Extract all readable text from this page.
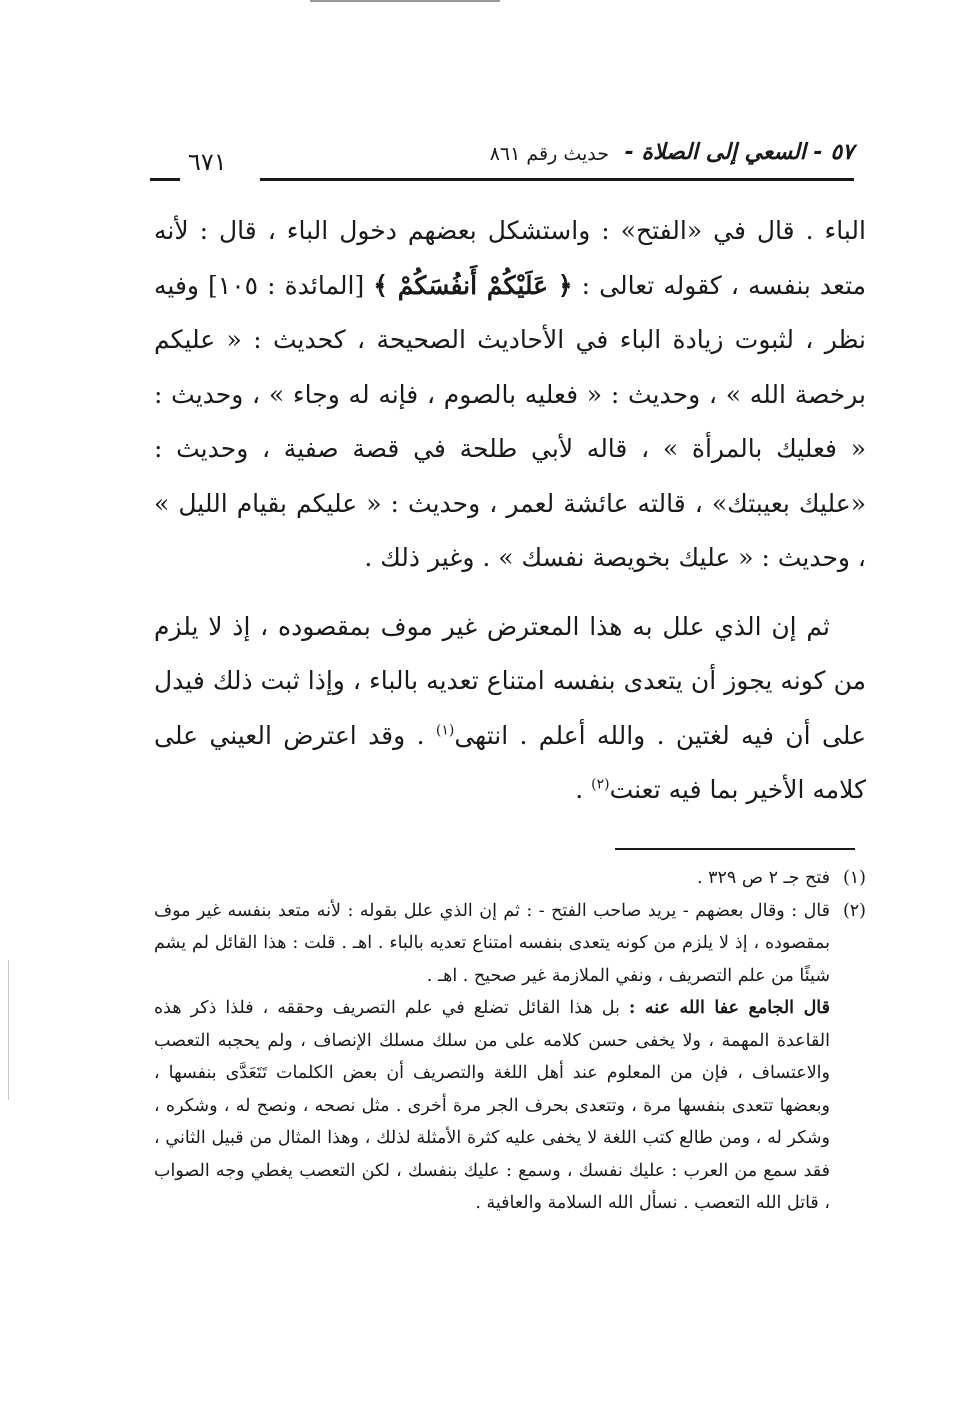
٥٧ - السعي إلى الصلاة -
حديث رقم ٨٦١
٦٧١

الباء . قال في «الفتح» : واستشكل بعضهم دخول الباء ، قال : لأنه متعد بنفسه ، كقوله تعالى : ﴿ عَلَيْكُمْ أَنفُسَكُمْ ﴾ [المائدة : ١٠٥] وفيه نظر ، لثبوت زيادة الباء في الأحاديث الصحيحة ، كحديث : « عليكم برخصة الله » ، وحديث : « فعليه بالصوم ، فإنه له وجاء » ، وحديث : « فعليك بالمرأة » ، قاله لأبي طلحة في قصة صفية ، وحديث : «عليك بعيبتك» ، قالته عائشة لعمر ، وحديث : « عليكم بقيام الليل » ، وحديث : « عليك بخويصة نفسك » . وغير ذلك .

ثم إن الذي علل به هذا المعترض غير موف بمقصوده ، إذ لا يلزم من كونه يجوز أن يتعدى بنفسه امتناع تعديه بالباء ، وإذا ثبت ذلك فيدل على أن فيه لغتين . والله أعلم . انتهى$^{(١)}$ . وقد اعترض العيني على كلامه الأخير بما فيه تعنت$^{(٢)}$ .

(١)
فتح جـ ٢ ص ٣٢٩ .

(٢)
قال : وقال بعضهم - يريد صاحب الفتح - : ثم إن الذي علل بقوله : لأنه متعد بنفسه غير موف بمقصوده ، إذ لا يلزم من كونه يتعدى بنفسه امتناع تعديه بالباء . اهـ . قلت : هذا القائل لم يشم شيئًا من علم التصريف ، ونفي الملازمة غير صحيح . اهـ .
قال الجامع عفا الله عنه : بل هذا القائل تضلع في علم التصريف وحققه ، فلذا ذكر هذه القاعدة المهمة ، ولا يخفى حسن كلامه على من سلك مسلك الإنصاف ، ولم يحجبه التعصب والاعتساف ، فإن من المعلوم عند أهل اللغة والتصريف أن بعض الكلمات تَتَعَدَّى بنفسها ، وبعضها تتعدى بنفسها مرة ، وتتعدى بحرف الجر مرة أخرى . مثل نصحه ، ونصح له ، وشكره ، وشكر له ، ومن طالع كتب اللغة لا يخفى عليه كثرة الأمثلة لذلك ، وهذا المثال من قبيل الثاني ، فقد سمع من العرب : عليك نفسك ، وسمع : عليك بنفسك ، لكن التعصب يغطي وجه الصواب ، قاتل الله التعصب . نسأل الله السلامة والعافية .
